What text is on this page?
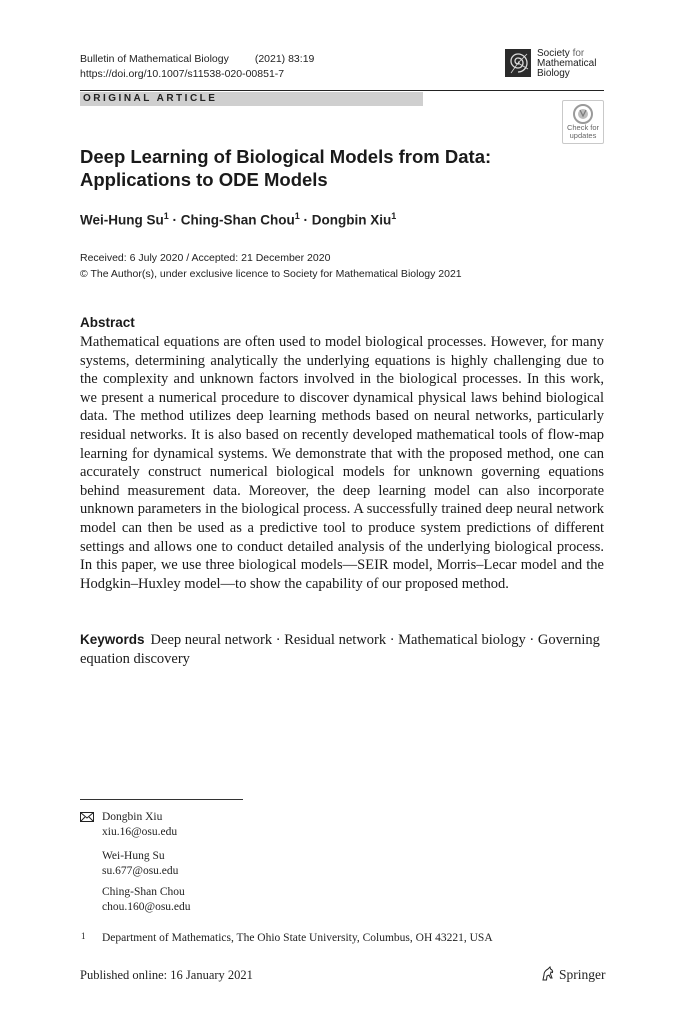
Bulletin of Mathematical Biology (2021) 83:19
https://doi.org/10.1007/s11538-020-00851-7
Society for
Mathematical
Biology
ORIGINAL ARTICLE
Check for
updates
Deep Learning of Biological Models from Data: Applications to ODE Models
Wei-Hung $Su^1$ · Ching-Shan Chou$^1$ · Dongbin Xiu$^1$
Received: 6 July 2020 / Accepted: 21 December 2020
© The Author(s), under exclusive licence to Society for Mathematical Biology 2021
Abstract
Mathematical equations are often used to model biological processes. However, for many systems, determining analytically the underlying equations is highly challenging due to the complexity and unknown factors involved in the biological processes. In this work, we present a numerical procedure to discover dynamical physical laws behind biological data. The method utilizes deep learning methods based on neural networks, particularly residual networks. It is also based on recently developed mathematical tools of flow-map learning for dynamical systems. We demonstrate that with the proposed method, one can accurately construct numerical biological models for unknown governing equations behind measurement data. Moreover, the deep learning model can also incorporate unknown parameters in the biological process. A successfully trained deep neural network model can then be used as a predictive tool to produce system predictions of different settings and allows one to conduct detailed analysis of the underlying biological process. In this paper, we use three biological models—SEIR model, Morris–Lecar model and the Hodgkin–Huxley model—to show the capability of our proposed method.
Keywords Deep neural network · Residual network · Mathematical biology · Governing equation discovery
Dongbin Xiu
xiu.16@osu.edu
Wei-Hung Su
su.677@osu.edu
Ching-Shan Chou
chou.160@osu.edu
1 Department of Mathematics, The Ohio State University, Columbus, OH 43221, USA
Published online: 16 January 2021	Springer
